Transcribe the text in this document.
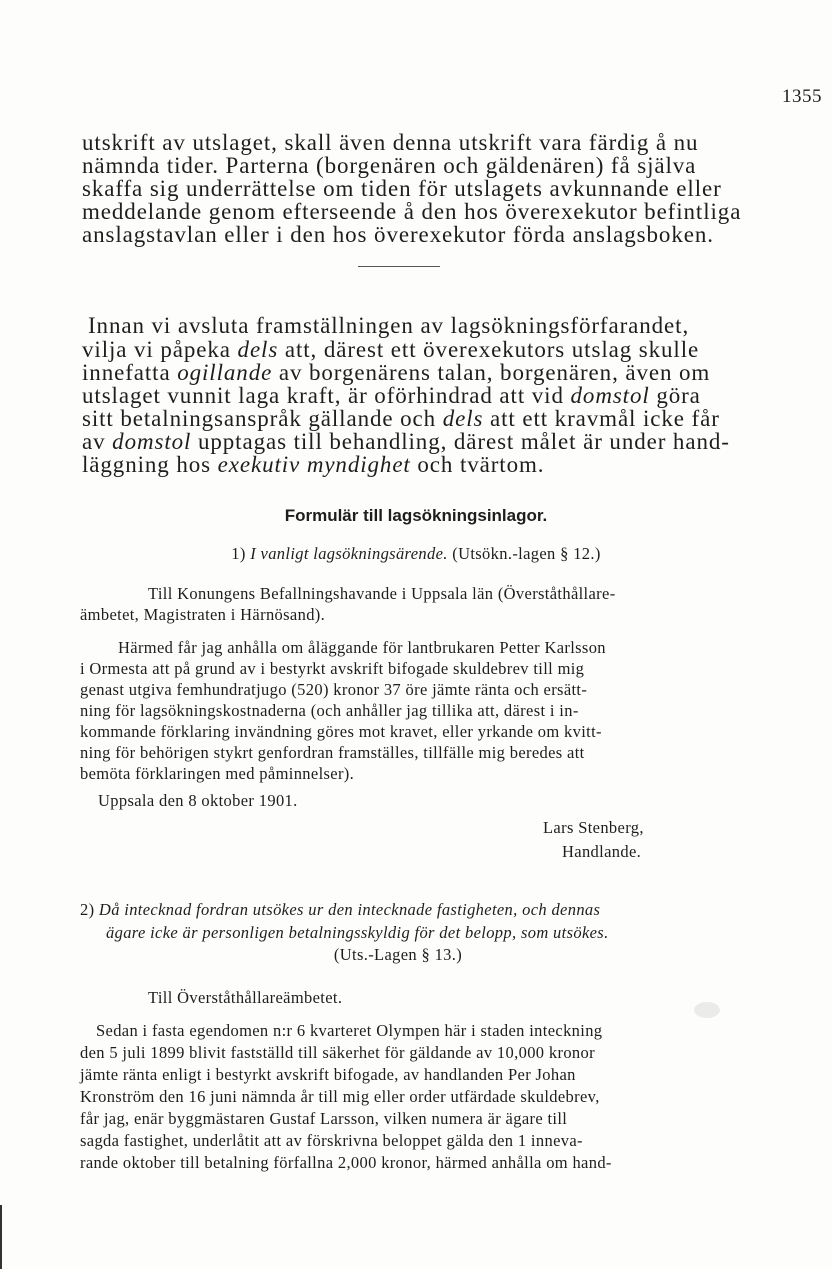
1355

utskrift av utslaget, skall även denna utskrift vara färdig å nu

nämnda tider. Parterna (borgenären och gäldenären) få själva

skaffa sig underrättelse om tiden för utslagets avkunnande eller

meddelande genom efterseende å den hos överexekutor befintliga

anslagstavlan eller i den hos överexekutor förda anslagsboken.

Innan vi avsluta framställningen av lagsökningsförfarandet,

vilja vi påpeka dels att, därest ett överexekutors utslag skulle

innefatta ogillande av borgenärens talan, borgenären, även om

utslaget vunnit laga kraft, är oförhindrad att vid domstol göra

sitt betalningsanspråk gällande och dels att ett kravmål icke får

av domstol upptagas till behandling, därest målet är under hand-

läggning hos exekutiv myndighet och tvärtom.

Formulär till lagsökningsinlagor.
1) I vanligt lagsökningsärende. (Utsökn.-lagen § 12.)

Till Konungens Befallningshavande i Uppsala län (Överståthållare-

ämbetet, Magistraten i Härnösand).

Härmed får jag anhålla om åläggande för lantbrukaren Petter Karlsson

i Ormesta att på grund av i bestyrkt avskrift bifogade skuldebrev till mig

genast utgiva femhundratjugo (520) kronor 37 öre jämte ränta och ersätt-

ning för lagsökningskostnaderna (och anhåller jag tillika att, därest i in-

kommande förklaring invändning göres mot kravet, eller yrkande om kvitt-

ning för behörigen stykrt genfordran framställes, tillfälle mig beredes att

bemöta förklaringen med påminnelser).

Uppsala den 8 oktober 1901.

Lars Stenberg,
Handlande.

2) Då intecknad fordran utsökes ur den intecknade fastigheten, och dennas

ägare icke är personligen betalningsskyldig för det belopp, som utsökes.

(Uts.-Lagen § 13.)

Till Överståthållareämbetet.

Sedan i fasta egendomen n:r 6 kvarteret Olympen här i staden inteckning

den 5 juli 1899 blivit fastställd till säkerhet för gäldande av 10,000 kronor

jämte ränta enligt i bestyrkt avskrift bifogade, av handlanden Per Johan

Kronström den 16 juni nämnda år till mig eller order utfärdade skuldebrev,

får jag, enär byggmästaren Gustaf Larsson, vilken numera är ägare till

sagda fastighet, underlåtit att av förskrivna beloppet gälda den 1 inneva-

rande oktober till betalning förfallna 2,000 kronor, härmed anhålla om hand-
